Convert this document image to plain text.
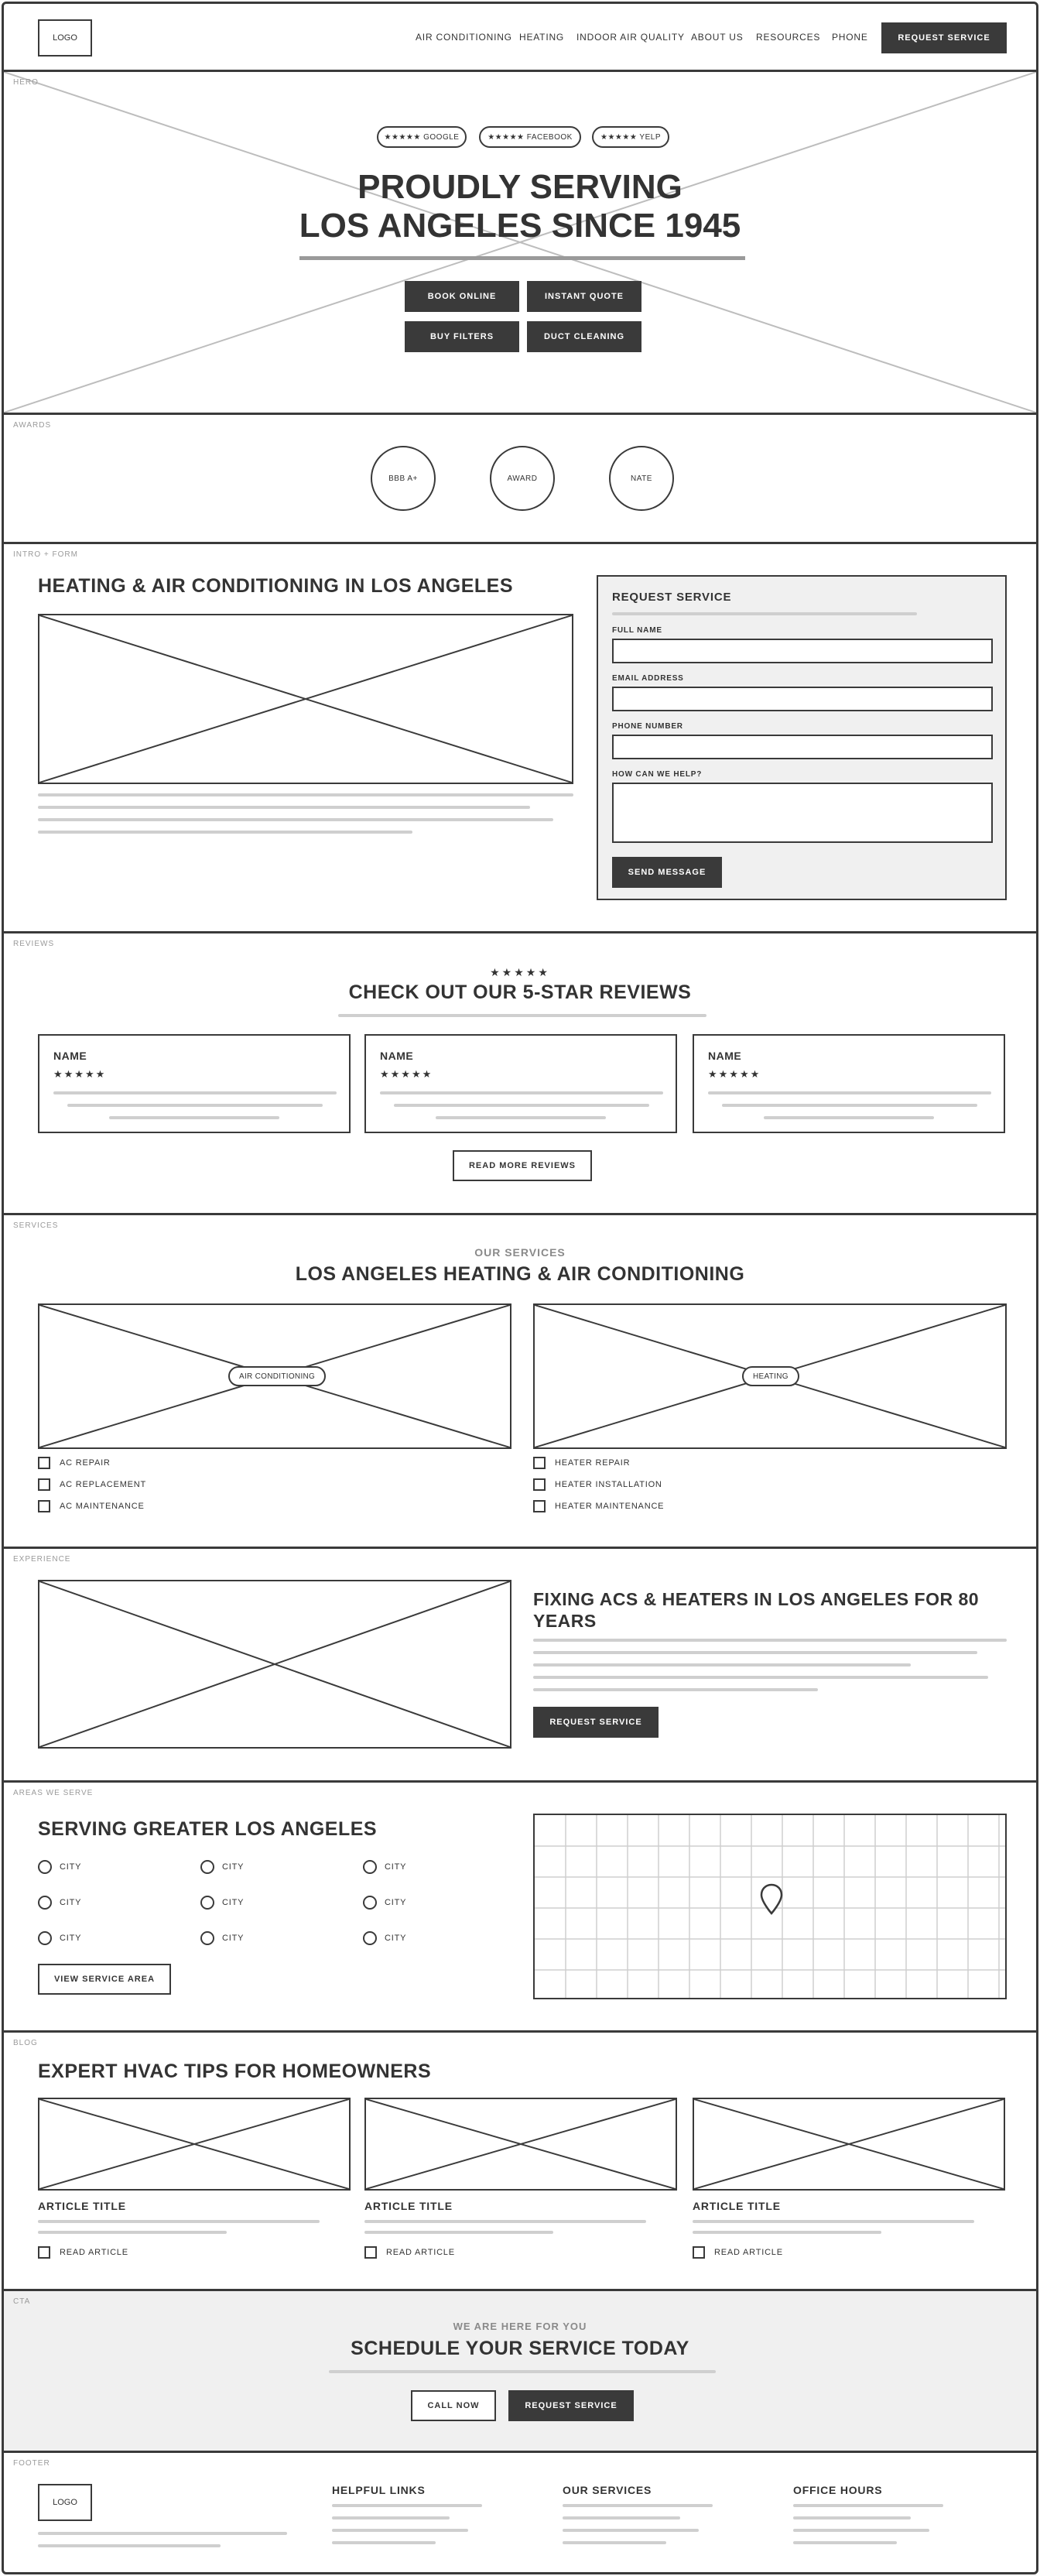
LOGO	AIR CONDITIONING HEATING INDOOR AIR QUALITY ABOUT US RESOURCES PHONE	REQUEST SERVICE
HERO
★★★★★ GOOGLE	★★★★★ FACEBOOK	★★★★★ YELP
PROUDLY SERVING
LOS ANGELES SINCE 1945
BOOK ONLINE	INSTANT QUOTE
BUY FILTERS	DUCT CLEANING
AWARDS
BBB A+	AWARD	NATE
INTRO + FORM
HEATING & AIR CONDITIONING IN LOS ANGELES
REQUEST SERVICE
FULL NAME
EMAIL ADDRESS
PHONE NUMBER
HOW CAN WE HELP?
SEND MESSAGE
REVIEWS
★★★★★
CHECK OUT OUR 5-STAR REVIEWS
NAME
★★★★★
NAME
★★★★★
NAME
★★★★★
READ MORE REVIEWS
SERVICES
OUR SERVICES
LOS ANGELES HEATING & AIR CONDITIONING
AIR CONDITIONING	HEATING
AC REPAIR
AC REPLACEMENT
AC MAINTENANCE
HEATER REPAIR
HEATER INSTALLATION
HEATER MAINTENANCE
EXPERIENCE
FIXING ACS & HEATERS IN LOS ANGELES FOR 80
YEARS
REQUEST SERVICE
AREAS WE SERVE
SERVING GREATER LOS ANGELES
CITY	CITY	CITY
CITY	CITY	CITY
CITY	CITY	CITY
VIEW SERVICE AREA
BLOG
EXPERT HVAC TIPS FOR HOMEOWNERS
ARTICLE TITLE
READ ARTICLE
ARTICLE TITLE
READ ARTICLE
ARTICLE TITLE
READ ARTICLE
CTA
WE ARE HERE FOR YOU
SCHEDULE YOUR SERVICE TODAY
CALL NOW	REQUEST SERVICE
FOOTER
LOGO
HELPFUL LINKS	OUR SERVICES	OFFICE HOURS
